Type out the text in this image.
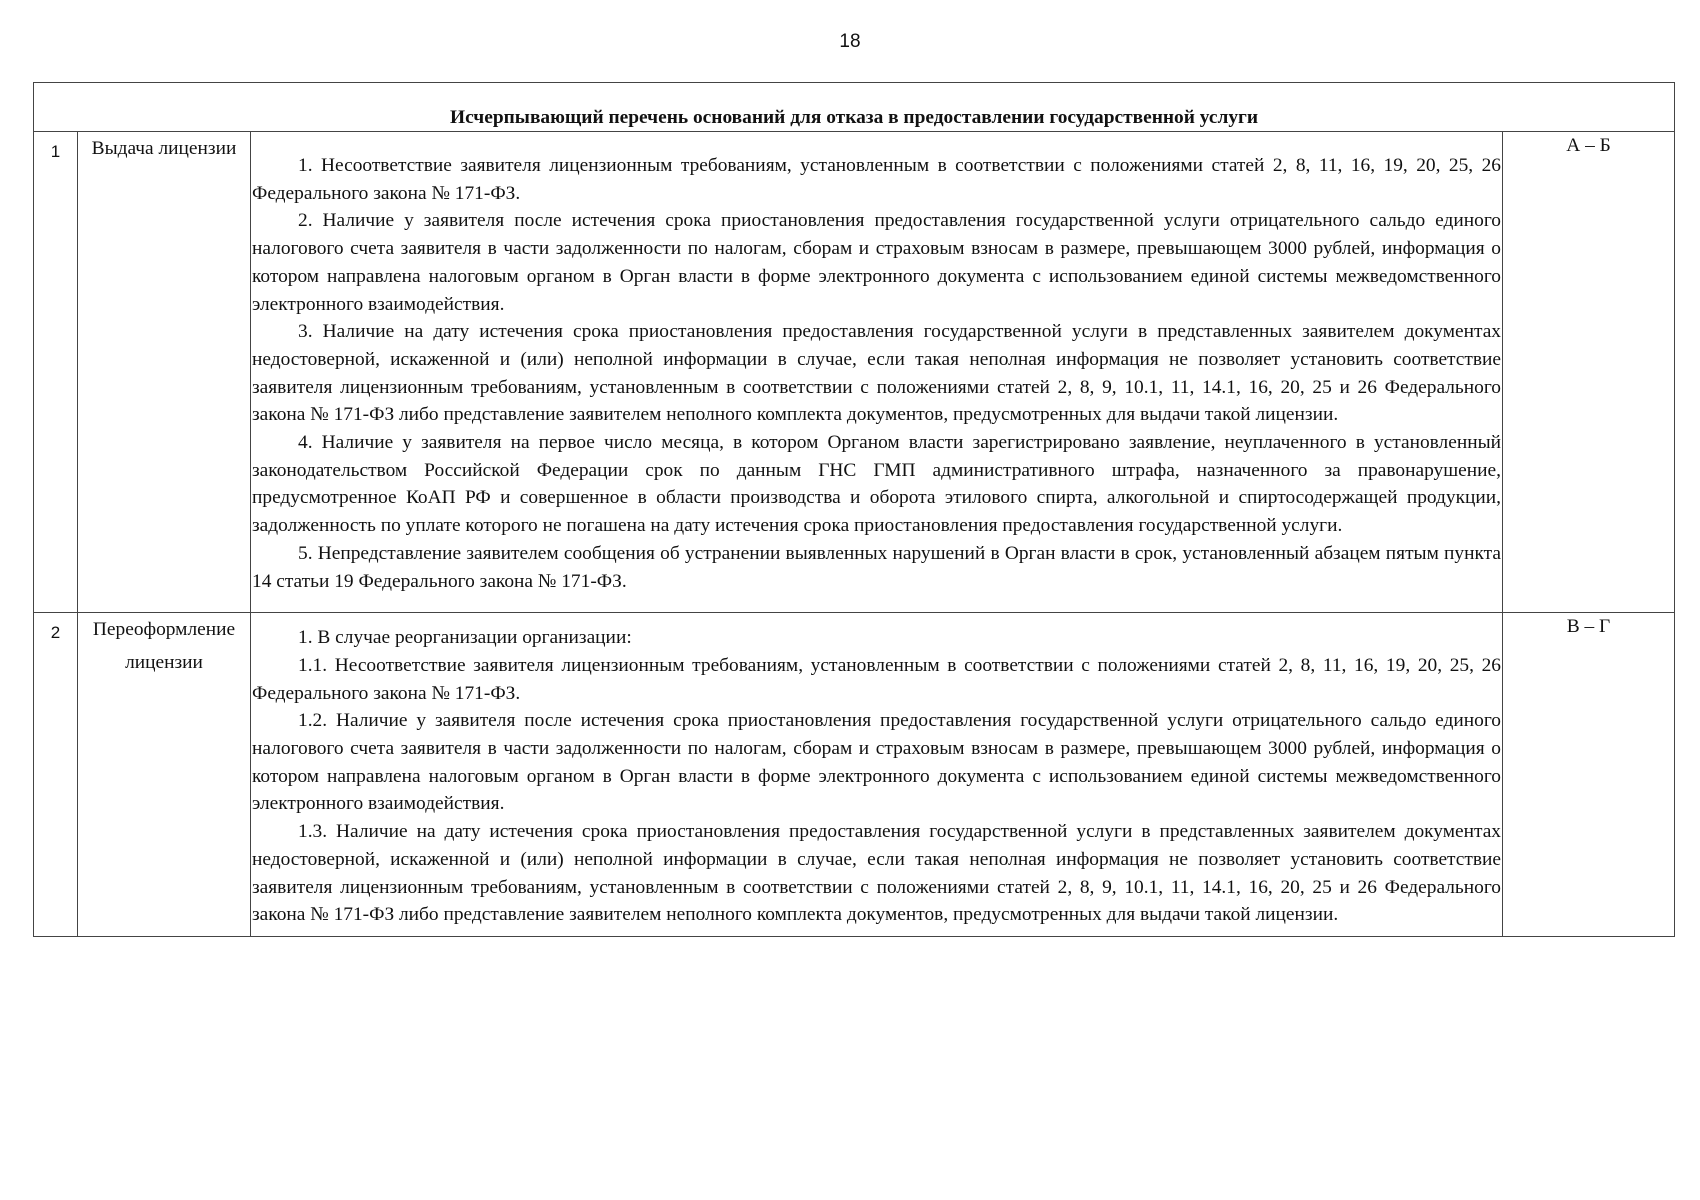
18
Исчерпывающий перечень оснований для отказа в предоставлении государственной услуги			
1	Выдача лицензии	1. Несоответствие заявителя лицензионным требованиям, установленным в соответствии с положениями статей 2, 8, 11, 16, 19, 20, 25, 26 Федерального закона № 171-ФЗ.

2. Наличие у заявителя после истечения срока приостановления предоставления государственной услуги отрицательного сальдо единого налогового счета заявителя в части задолженности по налогам, сборам и страховым взносам в размере, превышающем 3000 рублей, информация о котором направлена налоговым органом в Орган власти в форме электронного документа с использованием единой системы межведомственного электронного взаимодействия.

3. Наличие на дату истечения срока приостановления предоставления государственной услуги в представленных заявителем документах недостоверной, искаженной и (или) неполной информации в случае, если такая неполная информация не позволяет установить соответствие заявителя лицензионным требованиям, установленным в соответствии с положениями статей 2, 8, 9, 10.1, 11, 14.1, 16, 20, 25 и 26 Федерального закона № 171-ФЗ либо представление заявителем неполного комплекта документов, предусмотренных для выдачи такой лицензии.

4. Наличие у заявителя на первое число месяца, в котором Органом власти зарегистрировано заявление, неуплаченного в установленный законодательством Российской Федерации срок по данным ГНС ГМП административного штрафа, назначенного за правонарушение, предусмотренное КоАП РФ и совершенное в области производства и оборота этилового спирта, алкогольной и спиртосодержащей продукции, задолженность по уплате которого не погашена на дату истечения срока приостановления предоставления государственной услуги.

5. Непредставление заявителем сообщения об устранении выявленных нарушений в Орган власти в срок, установленный абзацем пятым пункта 14 статьи 19 Федерального закона № 171-ФЗ.	А – Б
2	Переоформление лицензии	1. В случае реорганизации организации:

1.1. Несоответствие заявителя лицензионным требованиям, установленным в соответствии с положениями статей 2, 8, 11, 16, 19, 20, 25, 26 Федерального закона № 171-ФЗ.

1.2. Наличие у заявителя после истечения срока приостановления предоставления государственной услуги отрицательного сальдо единого налогового счета заявителя в части задолженности по налогам, сборам и страховым взносам в размере, превышающем 3000 рублей, информация о котором направлена налоговым органом в Орган власти в форме электронного документа с использованием единой системы межведомственного электронного взаимодействия.

1.3. Наличие на дату истечения срока приостановления предоставления государственной услуги в представленных заявителем документах недостоверной, искаженной и (или) неполной информации в случае, если такая неполная информация не позволяет установить соответствие заявителя лицензионным требованиям, установленным в соответствии с положениями статей 2, 8, 9, 10.1, 11, 14.1, 16, 20, 25 и 26 Федерального закона № 171-ФЗ либо представление заявителем неполного комплекта документов, предусмотренных для выдачи такой лицензии.	В – Г
